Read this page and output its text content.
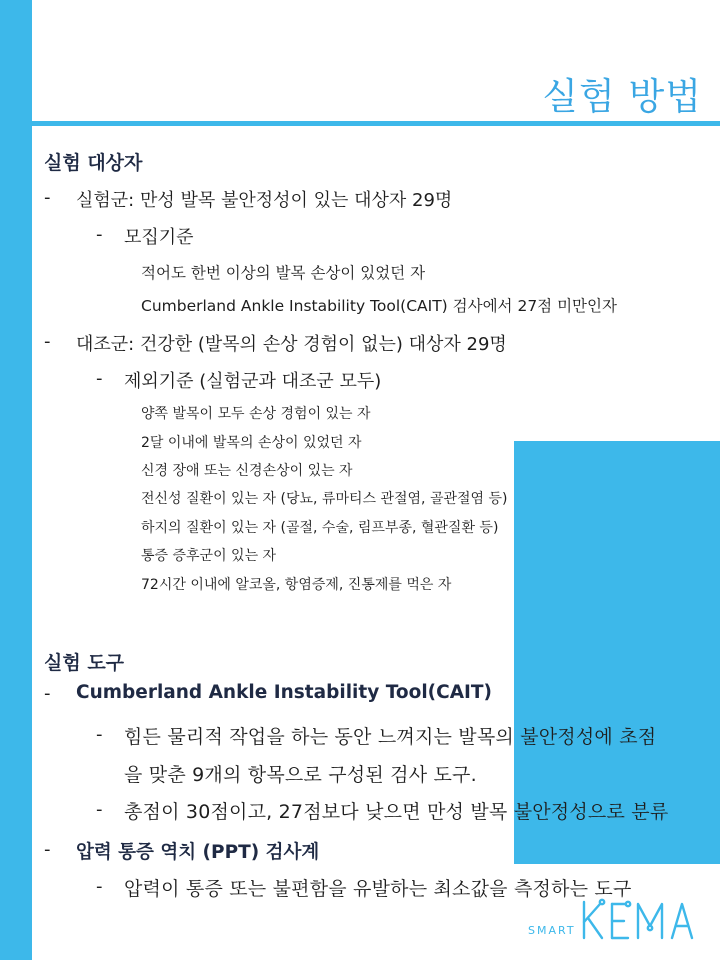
실험 방법
실험 대상자
- 실험군: 만성 발목 불안정성이 있는 대상자 29명
- 모집기준
적어도 한번 이상의 발목 손상이 있었던 자
Cumberland Ankle Instability Tool(CAIT) 검사에서 27점 미만인자
- 대조군: 건강한 (발목의 손상 경험이 없는) 대상자 29명
- 제외기준 (실험군과 대조군 모두)
양쪽 발목이 모두 손상 경험이 있는 자
2달 이내에 발목의 손상이 있었던 자
신경 장애 또는 신경손상이 있는 자
전신성 질환이 있는 자 (당뇨, 류마티스 관절염, 골관절염 등)
하지의 질환이 있는 자 (골절, 수술, 림프부종, 혈관질환 등)
통증 증후군이 있는 자
72시간 이내에 알코올, 항염증제, 진통제를 먹은 자
실험 도구
- Cumberland Ankle Instability Tool(CAIT)
- 힘든 물리적 작업을 하는 동안 느껴지는 발목의 불안정성에 초점
을 맞춘 9개의 항목으로 구성된 검사 도구.
- 총점이 30점이고, 27점보다 낮으면 만성 발목 불안정성으로 분류
- 압력 통증 역치 (PPT) 검사계
- 압력이 통증 또는 불편함을 유발하는 최소값을 측정하는 도구
SMART
